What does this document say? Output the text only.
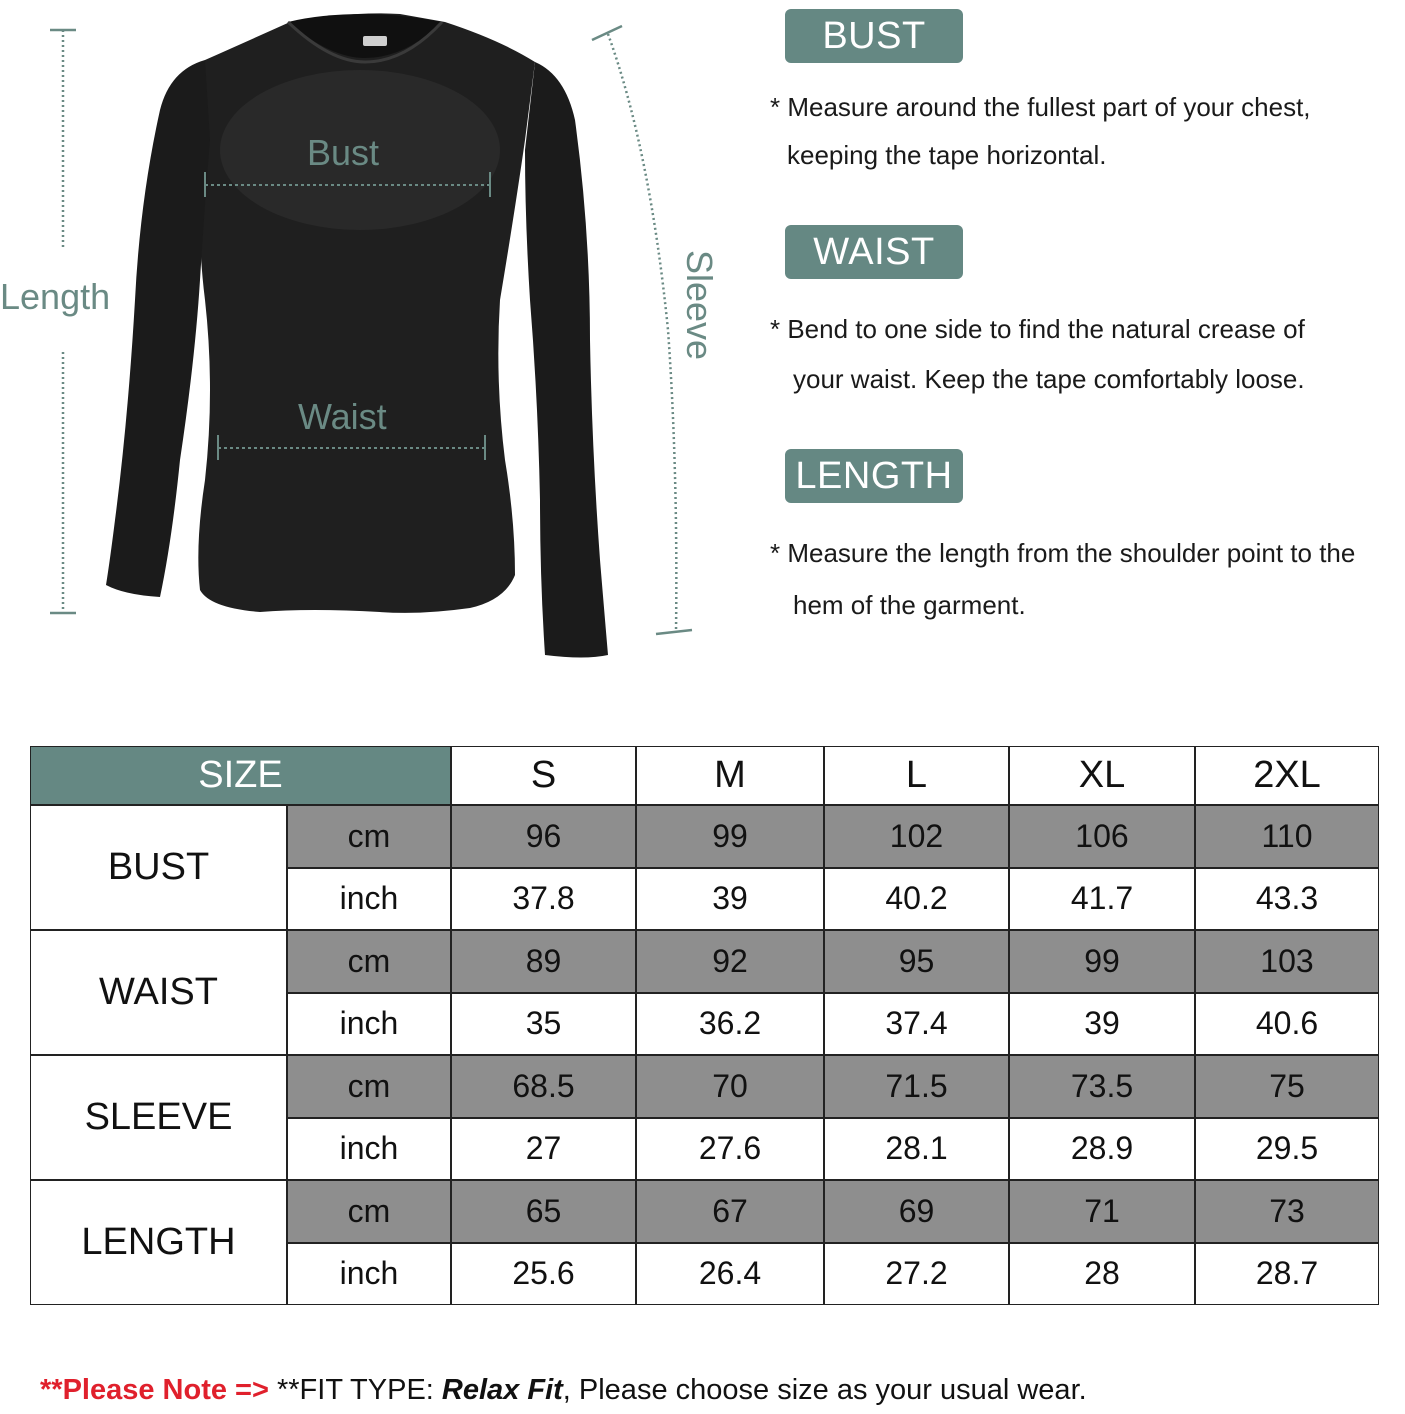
Bust
Waist
Length	Sleeve
BUST
* Measure around the fullest part of your chest,
keeping the tape horizontal.
WAIST
* Bend to one side to find the natural crease of
your waist. Keep the tape comfortably loose.
LENGTH
* Measure the length from the shoulder point to the
hem of the garment.
SIZE	S	M	L	XL	2XL
BUST
cm	96	99	102	106	110
inch	37.8	39	40.2	41.7	43.3
WAIST
cm	89	92	95	99	103
inch	35	36.2	37.4	39	40.6
SLEEVE
cm	68.5	70	71.5	73.5	75
inch	27	27.6	28.1	28.9	29.5
LENGTH
cm	65	67	69	71	73
inch	25.6	26.4	27.2	28	28.7
**Please Note => **FIT TYPE: Relax Fit, Please choose size as your usual wear.
